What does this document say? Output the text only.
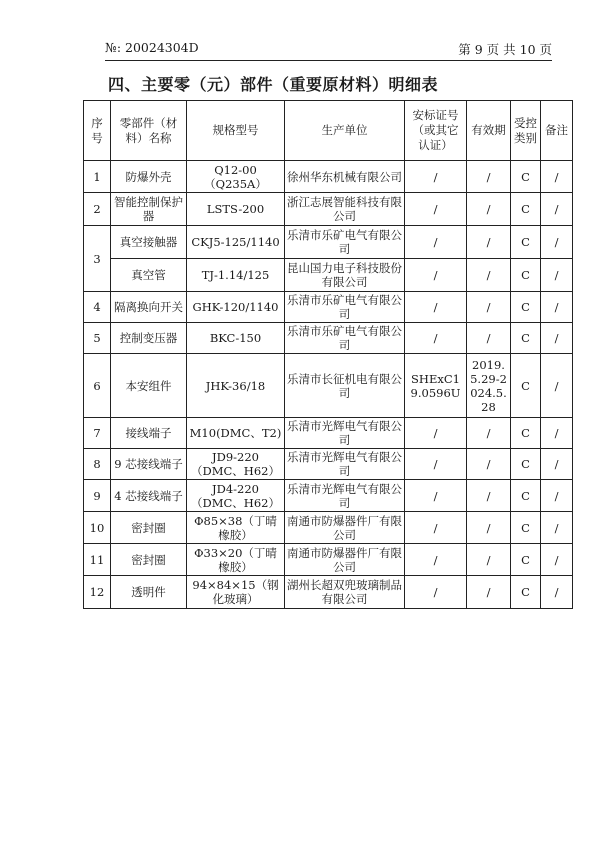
№: 20024304D	第 9 页 共 10 页
四、主要零（元）部件（重要原材料）明细表
序号	零部件（材料）名称	规格型号	生产单位	安标证号（或其它认证）	有效期	受控类别	备注
1	防爆外壳	Q12-00（Q235A）	徐州华东机械有限公司	/	/	C	/
2	智能控制保护器	LSTS-200	浙江志展智能科技有限公司	/	/	C	/
3	真空接触器	CKJ5-125/1140	乐清市乐矿电气有限公司	/	/	C	/
	真空管	TJ-1.14/125	昆山国力电子科技股份有限公司	/	/	C	/
4	隔离换向开关	GHK-120/1140	乐清市乐矿电气有限公司	/	/	C	/
5	控制变压器	BKC-150	乐清市乐矿电气有限公司	/	/	C	/
6	本安组件	JHK-36/18	乐清市长征机电有限公司	SHExC19.0596U	2019.5.29-2024.5.28	C	/
7	接线端子	M10(DMC、T2)	乐清市光辉电气有限公司	/	/	C	/
8	9 芯接线端子	JD9-220（DMC、H62）	乐清市光辉电气有限公司	/	/	C	/
9	4 芯接线端子	JD4-220（DMC、H62）	乐清市光辉电气有限公司	/	/	C	/
10	密封圈	Φ85×38（丁晴橡胶）	南通市防爆器件厂有限公司	/	/	C	/
11	密封圈	Φ33×20（丁晴橡胶）	南通市防爆器件厂有限公司	/	/	C	/
12	透明件	94×84×15（钢化玻璃）	湖州长超双兜玻璃制品有限公司	/	/	C	/
